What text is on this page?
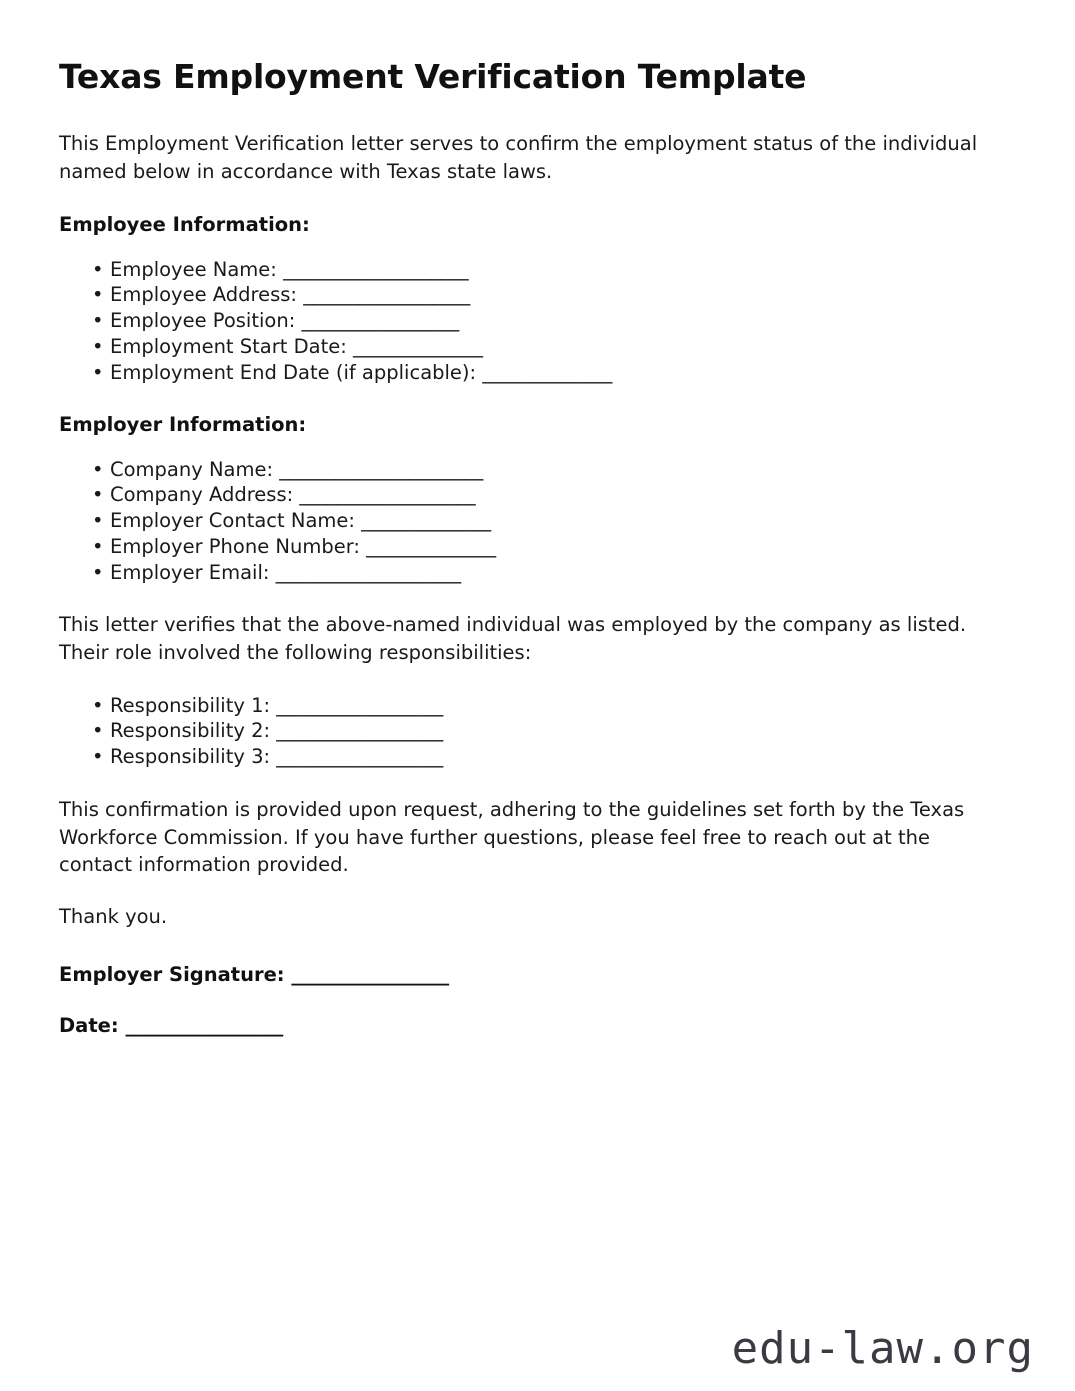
Texas Employment Verification Template

This Employment Verification letter serves to confirm the employment status of the individual named below in accordance with Texas state laws.

Employee Information:
• Employee Name: ____________________
• Employee Address: __________________
• Employee Position: _________________
• Employment Start Date: ______________
• Employment End Date (if applicable): ______________
Employer Information:
• Company Name: ______________________
• Company Address: ___________________
• Employer Contact Name: ______________
• Employer Phone Number: ______________
• Employer Email: ____________________

This letter verifies that the above-named individual was employed by the company as listed. Their role involved the following responsibilities:

• Responsibility 1: __________________
• Responsibility 2: __________________
• Responsibility 3: __________________

This confirmation is provided upon request, adhering to the guidelines set forth by the Texas Workforce Commission. If you have further questions, please feel free to reach out at the contact information provided.

Thank you.

Employer Signature: _________________

Date: _________________

edu-law.org
